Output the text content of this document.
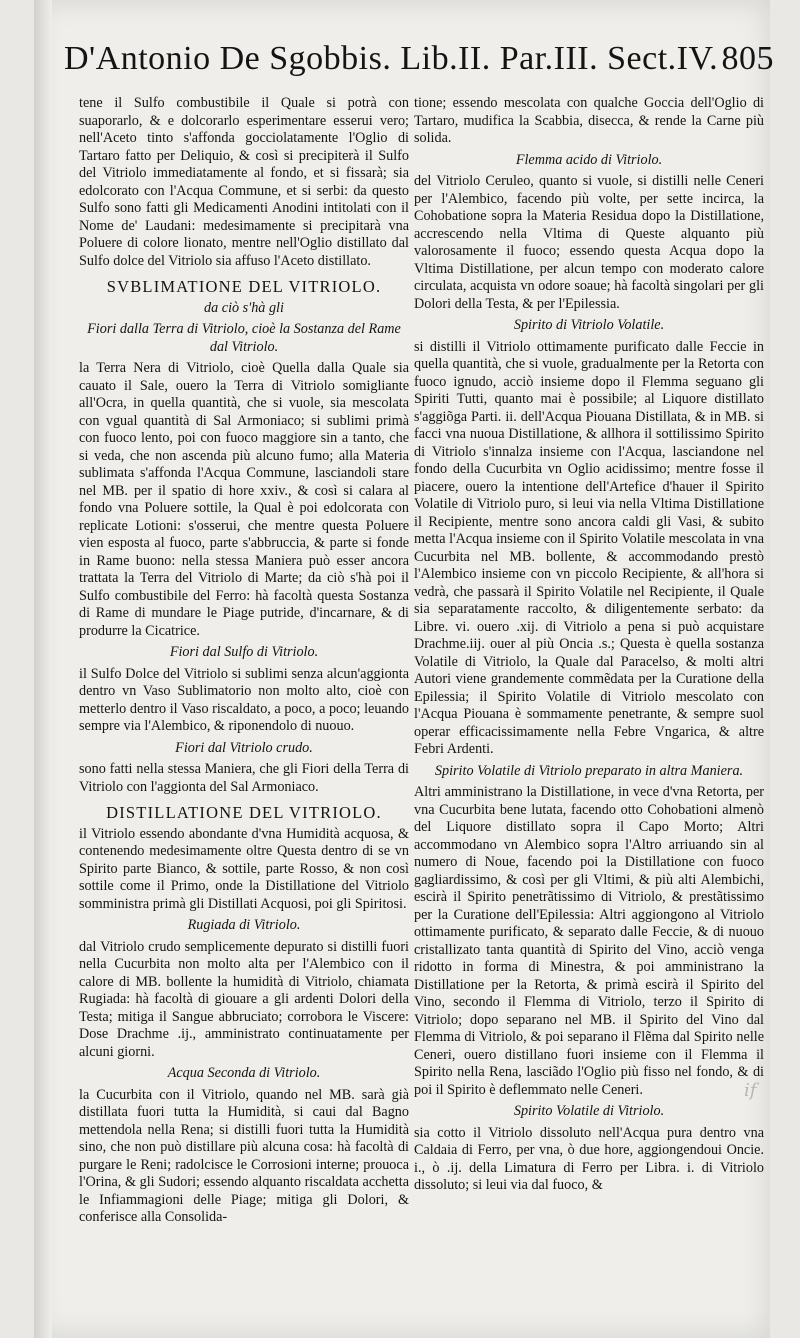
D'Antonio De Sgobbis. Lib.II. Par.III. Sect.IV. 805

tene il Sulfo combustibile il Quale si potrà con suaporarlo, & e dolcorarlo esperimentare esserui vero; nell'Aceto tinto s'affonda gocciolatamente l'Oglio di Tartaro fatto per Deliquio, & così si precipiterà il Sulfo del Vitriolo immediatamente al fondo, et si fissarà; sia edolcorato con l'Acqua Commune, et si serbi: da questo Sulfo sono fatti gli Medicamenti Anodini intitolati con il Nome de' Laudani: medesimamente si precipitarà vna Poluere di colore lionato, mentre nell'Oglio distillato dal Sulfo dolce del Vitriolo sia affuso l'Aceto distillato.

SVBLIMATIONE DEL VITRIOLO.
da ciò s'hà gli
Fiori dalla Terra di Vitriolo, cioè la Sostanza del Rame dal Vitriolo.

la Terra Nera di Vitriolo, cioè Quella dalla Quale sia cauato il Sale, ouero la Terra di Vitriolo somigliante all'Ocra, in quella quantità, che si vuole, sia mescolata con vgual quantità di Sal Armoniaco; si sublimi primà con fuoco lento, poi con fuoco maggiore sin a tanto, che si veda, che non ascenda più alcuno fumo; alla Materia sublimata s'affonda l'Acqua Commune, lasciandoli stare nel MB. per il spatio di hore xxiv., & così si calara al fondo vna Poluere sottile, la Qual è poi edolcorata con replicate Lotioni: s'osserui, che mentre questa Poluere vien esposta al fuoco, parte s'abbruccia, & parte si fonde in Rame buono: nella stessa Maniera può esser ancora trattata la Terra del Vitriolo di Marte; da ciò s'hà poi il Sulfo combustibile del Ferro: hà facoltà questa Sostanza di Rame di mundare le Piage putride, d'incarnare, & di produrre la Cicatrice.

Fiori dal Sulfo di Vitriolo.

il Sulfo Dolce del Vitriolo si sublimi senza alcun'aggionta dentro vn Vaso Sublimatorio non molto alto, cioè con metterlo dentro il Vaso riscaldato, a poco, a poco; leuando sempre via l'Alembico, & riponendolo di nuouo.

Fiori dal Vitriolo crudo.

sono fatti nella stessa Maniera, che gli Fiori della Terra di Vitriolo con l'aggionta del Sal Armoniaco.

DISTILLATIONE DEL VITRIOLO.

il Vitriolo essendo abondante d'vna Humidità acquosa, & contenendo medesimamente oltre Questa dentro di se vn Spirito parte Bianco, & sottile, parte Rosso, & non così sottile come il Primo, onde la Distillatione del Vitriolo somministra primà gli Distillati Acquosi, poi gli Spiritosi.

Rugiada di Vitriolo.

dal Vitriolo crudo semplicemente depurato si distilli fuori nella Cucurbita non molto alta per l'Alembico con il calore di MB. bollente la humidità di Vitriolo, chiamata Rugiada: hà facoltà di giouare a gli ardenti Dolori della Testa; mitiga il Sangue abbruciato; corrobora le Viscere: Dose Drachme .ij., amministrato continuatamente per alcuni giorni.

Acqua Seconda di Vitriolo.

la Cucurbita con il Vitriolo, quando nel MB. sarà già distillata fuori tutta la Humidità, si caui dal Bagno mettendola nella Rena; si distilli fuori tutta la Humidità sino, che non può distillare più alcuna cosa: hà facoltà di purgare le Reni; radolcisce le Corrosioni interne; prouoca l'Orina, & gli Sudori; essendo alquanto riscaldata acchetta le Infiammagioni delle Piage; mitiga gli Dolori, & conferisce alla Consolida-

tione; essendo mescolata con qualche Goccia dell'Oglio di Tartaro, mudifica la Scabbia, disecca, & rende la Carne più solida.

Flemma acido di Vitriolo.

del Vitriolo Ceruleo, quanto si vuole, si distilli nelle Ceneri per l'Alembico, facendo più volte, per sette incirca, la Cohobatione sopra la Materia Residua dopo la Distillatione, accrescendo nella Vltima di Queste alquanto più valorosamente il fuoco; essendo questa Acqua dopo la Vltima Distillatione, per alcun tempo con moderato calore circulata, acquista vn odore soaue; hà facoltà singolari per gli Dolori della Testa, & per l'Epilessia.

Spirito di Vitriolo Volatile.

si distilli il Vitriolo ottimamente purificato dalle Feccie in quella quantità, che si vuole, gradualmente per la Retorta con fuoco ignudo, acciò insieme dopo il Flemma seguano gli Spiriti Tutti, quanto mai è possibile; al Liquore distillato s'aggiõga Parti. ii. dell'Acqua Piouana Distillata, & in MB. si facci vna nuoua Distillatione, & allhora il sottilissimo Spirito di Vitriolo s'innalza insieme con l'Acqua, lasciandone nel fondo della Cucurbita vn Oglio acidissimo; mentre fosse il piacere, ouero la intentione dell'Artefice d'hauer il Spirito Volatile di Vitriolo puro, si leui via nella Vltima Distillatione il Recipiente, mentre sono ancora caldi gli Vasi, & subito metta l'Acqua insieme con il Spirito Volatile mescolata in vna Cucurbita nel MB. bollente, & accommodando prestò l'Alembico insieme con vn piccolo Recipiente, & all'hora si vedrà, che passarà il Spirito Volatile nel Recipiente, il Quale sia separatamente raccolto, & diligentemente serbato: da Libre. vi. ouero .xij. di Vitriolo a pena si può acquistare Drachme.iij. ouer al più Oncia .s.; Questa è quella sostanza Volatile di Vitriolo, la Quale dal Paracelso, & molti altri Autori viene grandemente commẽdata per la Curatione della Epilessia; il Spirito Volatile di Vitriolo mescolato con l'Acqua Piouana è sommamente penetrante, & sempre suol operar efficacissimamente nella Febre Vngarica, & altre Febri Ardenti.

Spirito Volatile di Vitriolo preparato in altra Maniera.

Altri amministrano la Distillatione, in vece d'vna Retorta, per vna Cucurbita bene lutata, facendo otto Cohobationi almenò del Liquore distillato sopra il Capo Morto; Altri accommodano vn Alembico sopra l'Altro arriuando sin al numero di Noue, facendo poi la Distillatione con fuoco gagliardissimo, & così per gli Vltimi, & più alti Alembichi, escirà il Spirito penetrãtissimo di Vitriolo, & prestãtissimo per la Curatione dell'Epilessia: Altri aggiongono al Vitriolo ottimamente purificato, & separato dalle Feccie, & di nuouo cristallizato tanta quantità di Spirito del Vino, acciò venga ridotto in forma di Minestra, & poi amministrano la Distillatione per la Retorta, & primà escirà il Spirito del Vino, secondo il Flemma di Vitriolo, terzo il Spirito di Vitriolo; dopo separano nel MB. il Spirito del Vino dal Flemma di Vitriolo, & poi separano il Flẽma dal Spirito nelle Ceneri, ouero distillano fuori insieme con il Flemma il Spirito nella Rena, lasciãdo l'Oglio più fisso nel fondo, & di poi il Spirito è deflemmato nelle Ceneri.

Spirito Volatile di Vitriolo.

sia cotto il Vitriolo dissoluto nell'Acqua pura dentro vna Caldaia di Ferro, per vna, ò due hore, aggiongendoui Oncie. i., ò .ij. della Limatura di Ferro per Libra. i. di Vitriolo dissoluto; si leui via dal fuoco, &

if
